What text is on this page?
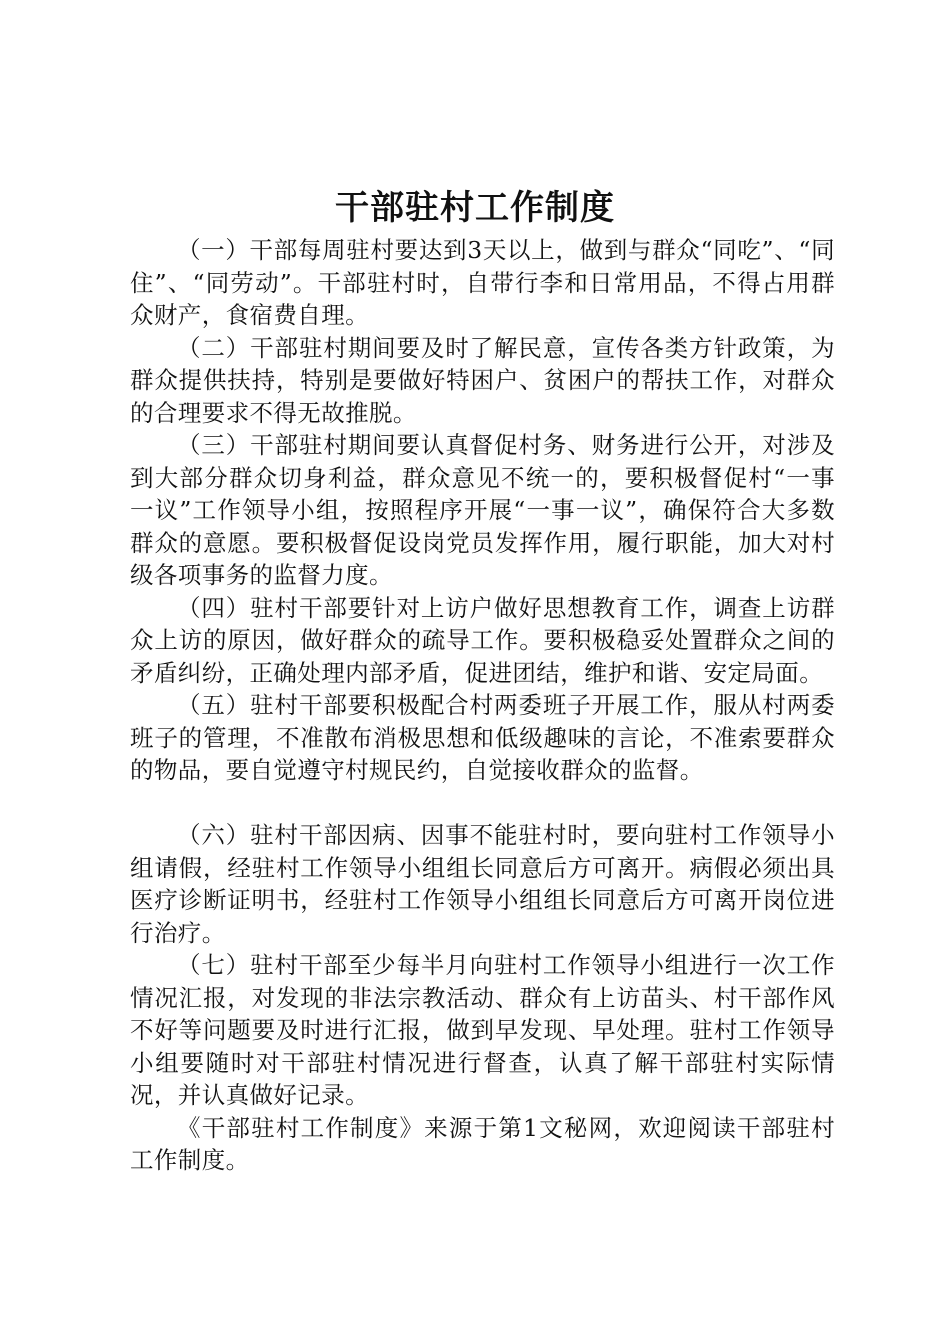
干部驻村工作制度

（一）干部每周驻村要达到3天以上，做到与群众“同吃”、“同住”、“同劳动”。干部驻村时，自带行李和日常用品，不得占用群众财产，食宿费自理。

（二）干部驻村期间要及时了解民意，宣传各类方针政策，为群众提供扶持，特别是要做好特困户、贫困户的帮扶工作，对群众的合理要求不得无故推脱。

（三）干部驻村期间要认真督促村务、财务进行公开，对涉及到大部分群众切身利益，群众意见不统一的，要积极督促村“一事一议”工作领导小组，按照程序开展“一事一议”，确保符合大多数群众的意愿。要积极督促设岗党员发挥作用，履行职能，加大对村级各项事务的监督力度。

（四）驻村干部要针对上访户做好思想教育工作，调查上访群众上访的原因，做好群众的疏导工作。要积极稳妥处置群众之间的矛盾纠纷，正确处理内部矛盾，促进团结，维护和谐、安定局面。

（五）驻村干部要积极配合村两委班子开展工作，服从村两委班子的管理，不准散布消极思想和低级趣味的言论，不准索要群众的物品，要自觉遵守村规民约，自觉接收群众的监督。

（六）驻村干部因病、因事不能驻村时，要向驻村工作领导小组请假，经驻村工作领导小组组长同意后方可离开。病假必须出具医疗诊断证明书，经驻村工作领导小组组长同意后方可离开岗位进行治疗。

（七）驻村干部至少每半月向驻村工作领导小组进行一次工作情况汇报，对发现的非法宗教活动、群众有上访苗头、村干部作风不好等问题要及时进行汇报，做到早发现、早处理。驻村工作领导小组要随时对干部驻村情况进行督查，认真了解干部驻村实际情况，并认真做好记录。

《干部驻村工作制度》来源于第1文秘网，欢迎阅读干部驻村工作制度。
